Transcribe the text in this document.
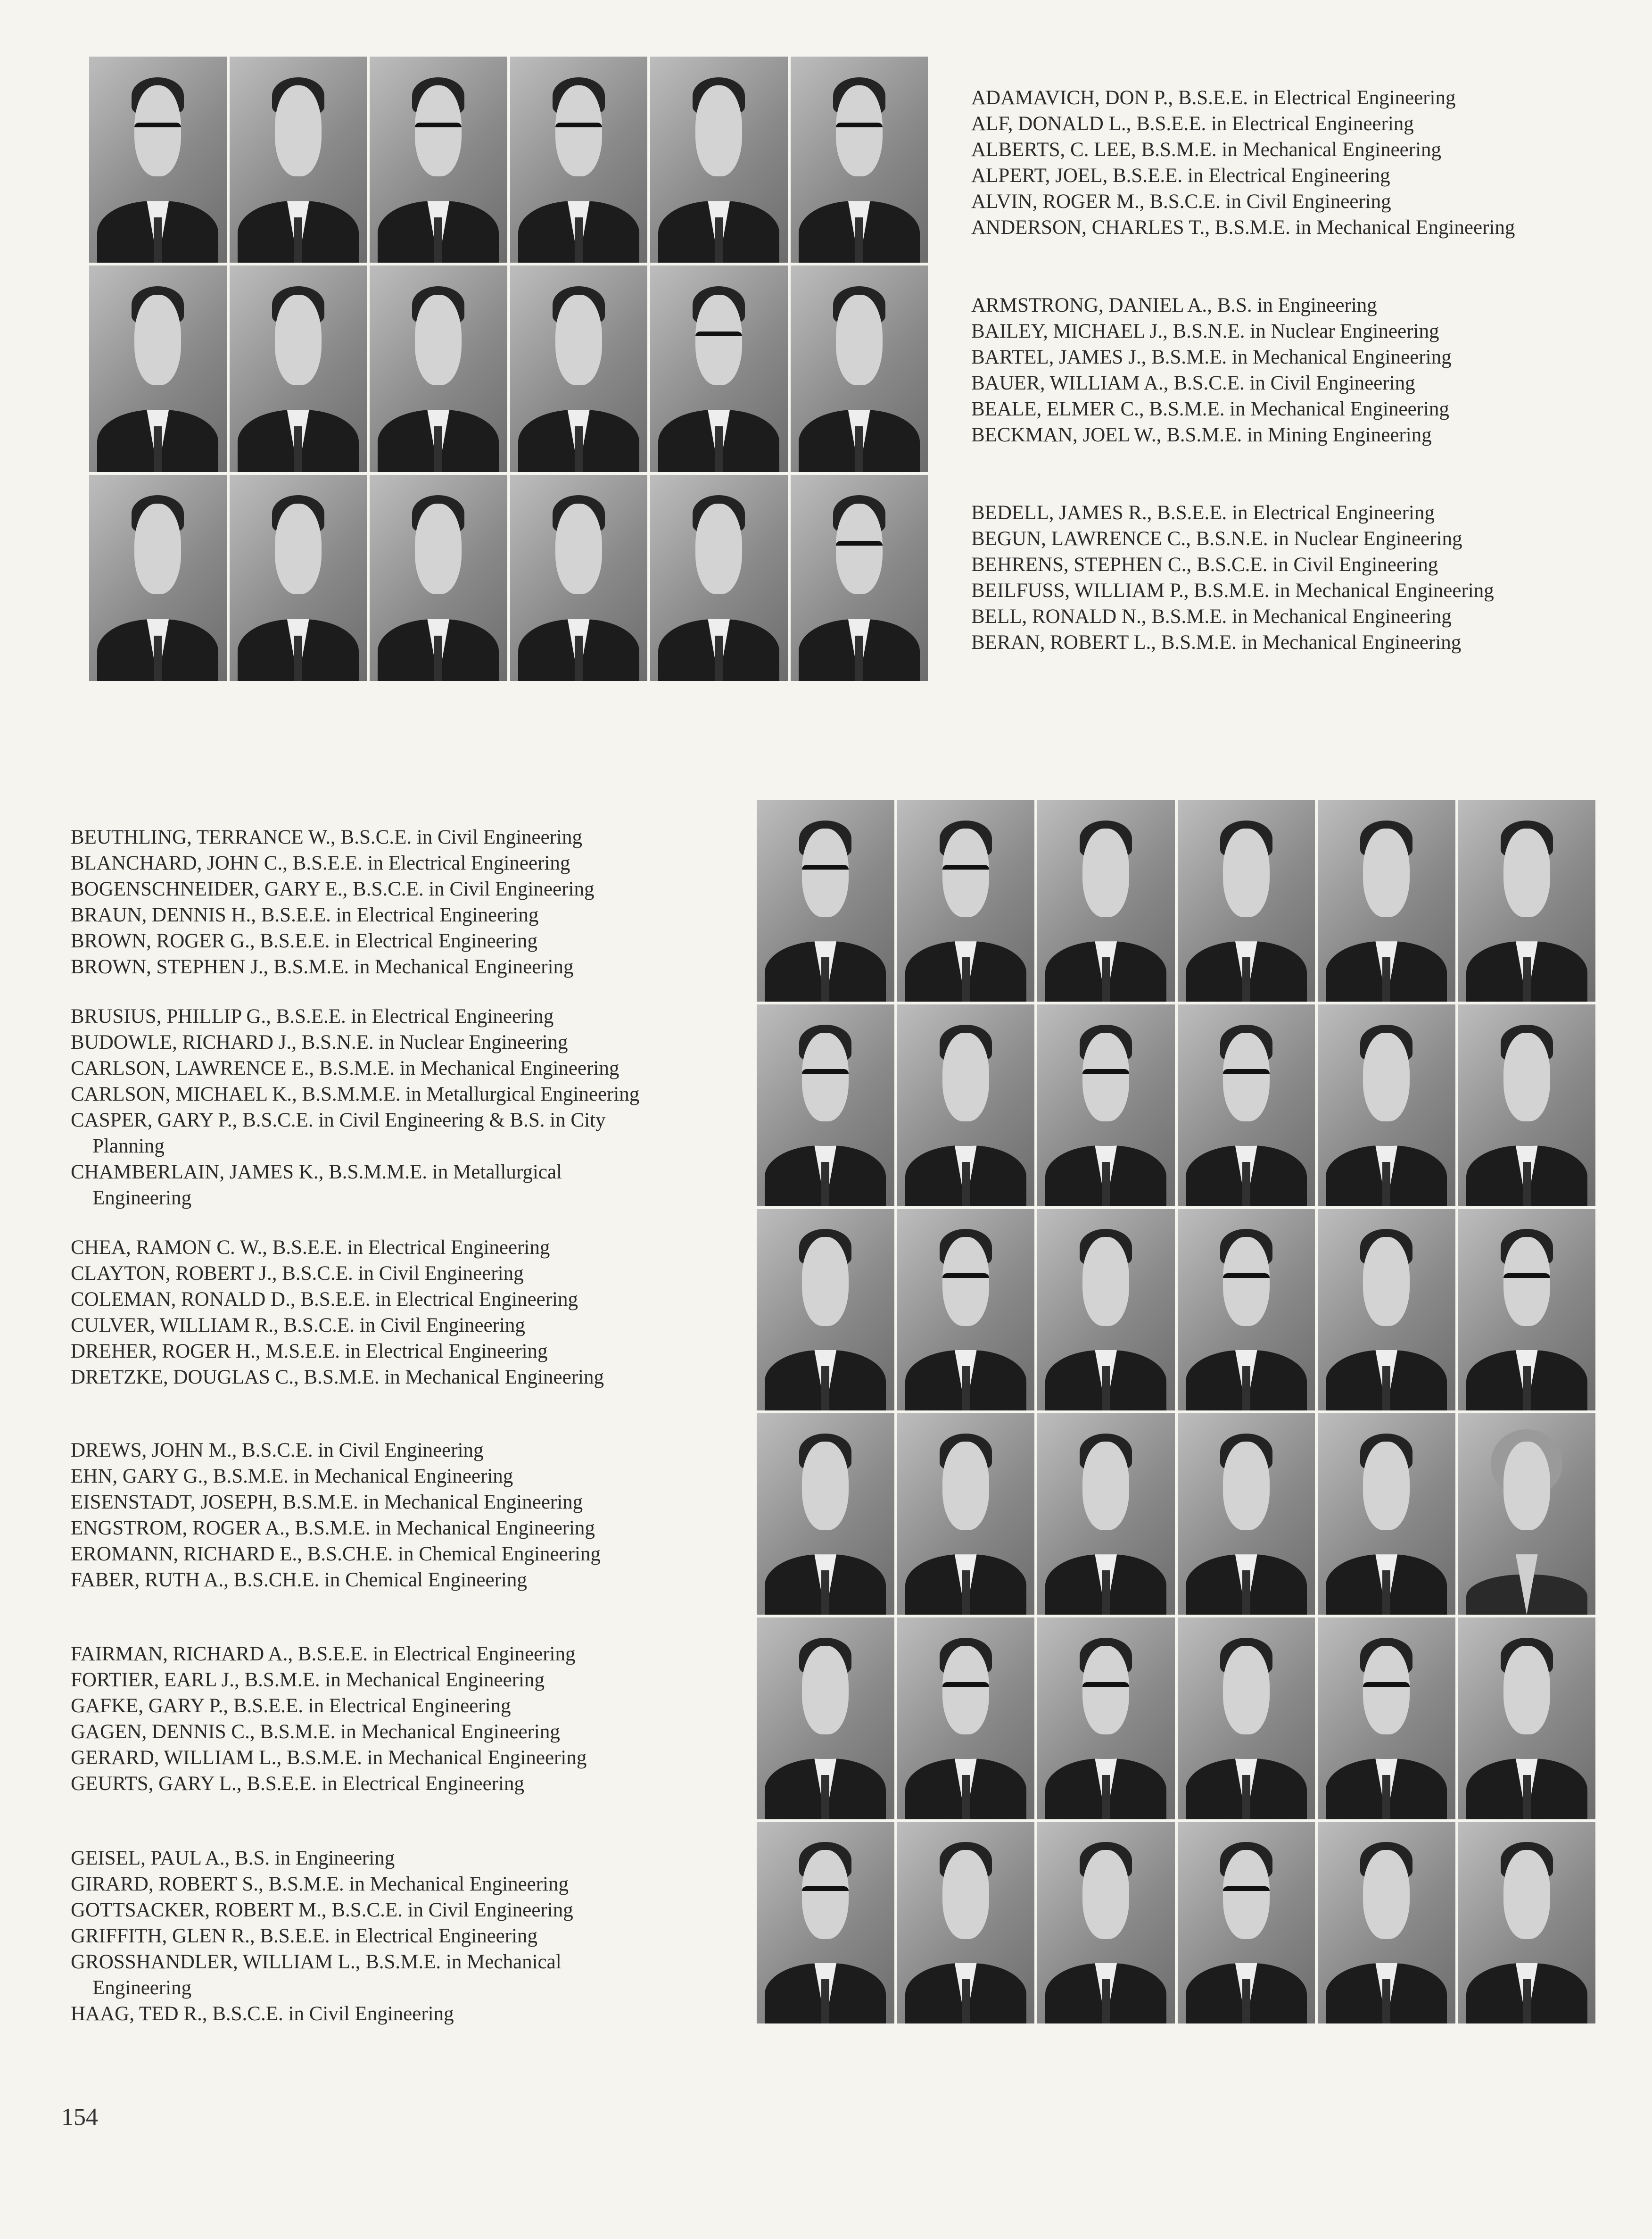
ADAMAVICH, DON P., B.S.E.E. in Electrical Engineering
ALF, DONALD L., B.S.E.E. in Electrical Engineering
ALBERTS, C. LEE, B.S.M.E. in Mechanical Engineering
ALPERT, JOEL, B.S.E.E. in Electrical Engineering
ALVIN, ROGER M., B.S.C.E. in Civil Engineering
ANDERSON, CHARLES T., B.S.M.E. in Mechanical Engineering
ARMSTRONG, DANIEL A., B.S. in Engineering
BAILEY, MICHAEL J., B.S.N.E. in Nuclear Engineering
BARTEL, JAMES J., B.S.M.E. in Mechanical Engineering
BAUER, WILLIAM A., B.S.C.E. in Civil Engineering
BEALE, ELMER C., B.S.M.E. in Mechanical Engineering
BECKMAN, JOEL W., B.S.M.E. in Mining Engineering
BEDELL, JAMES R., B.S.E.E. in Electrical Engineering
BEGUN, LAWRENCE C., B.S.N.E. in Nuclear Engineering
BEHRENS, STEPHEN C., B.S.C.E. in Civil Engineering
BEILFUSS, WILLIAM P., B.S.M.E. in Mechanical Engineering
BELL, RONALD N., B.S.M.E. in Mechanical Engineering
BERAN, ROBERT L., B.S.M.E. in Mechanical Engineering
BEUTHLING, TERRANCE W., B.S.C.E. in Civil Engineering
BLANCHARD, JOHN C., B.S.E.E. in Electrical Engineering
BOGENSCHNEIDER, GARY E., B.S.C.E. in Civil Engineering
BRAUN, DENNIS H., B.S.E.E. in Electrical Engineering
BROWN, ROGER G., B.S.E.E. in Electrical Engineering
BROWN, STEPHEN J., B.S.M.E. in Mechanical Engineering
BRUSIUS, PHILLIP G., B.S.E.E. in Electrical Engineering
BUDOWLE, RICHARD J., B.S.N.E. in Nuclear Engineering
CARLSON, LAWRENCE E., B.S.M.E. in Mechanical Engineering
CARLSON, MICHAEL K., B.S.M.M.E. in Metallurgical Engineering
CASPER, GARY P., B.S.C.E. in Civil Engineering & B.S. in City
Planning
CHAMBERLAIN, JAMES K., B.S.M.M.E. in Metallurgical
Engineering
CHEA, RAMON C. W., B.S.E.E. in Electrical Engineering
CLAYTON, ROBERT J., B.S.C.E. in Civil Engineering
COLEMAN, RONALD D., B.S.E.E. in Electrical Engineering
CULVER, WILLIAM R., B.S.C.E. in Civil Engineering
DREHER, ROGER H., M.S.E.E. in Electrical Engineering
DRETZKE, DOUGLAS C., B.S.M.E. in Mechanical Engineering
DREWS, JOHN M., B.S.C.E. in Civil Engineering
EHN, GARY G., B.S.M.E. in Mechanical Engineering
EISENSTADT, JOSEPH, B.S.M.E. in Mechanical Engineering
ENGSTROM, ROGER A., B.S.M.E. in Mechanical Engineering
EROMANN, RICHARD E., B.S.CH.E. in Chemical Engineering
FABER, RUTH A., B.S.CH.E. in Chemical Engineering
FAIRMAN, RICHARD A., B.S.E.E. in Electrical Engineering
FORTIER, EARL J., B.S.M.E. in Mechanical Engineering
GAFKE, GARY P., B.S.E.E. in Electrical Engineering
GAGEN, DENNIS C., B.S.M.E. in Mechanical Engineering
GERARD, WILLIAM L., B.S.M.E. in Mechanical Engineering
GEURTS, GARY L., B.S.E.E. in Electrical Engineering
GEISEL, PAUL A., B.S. in Engineering
GIRARD, ROBERT S., B.S.M.E. in Mechanical Engineering
GOTTSACKER, ROBERT M., B.S.C.E. in Civil Engineering
GRIFFITH, GLEN R., B.S.E.E. in Electrical Engineering
GROSSHANDLER, WILLIAM L., B.S.M.E. in Mechanical
Engineering
HAAG, TED R., B.S.C.E. in Civil Engineering
154
